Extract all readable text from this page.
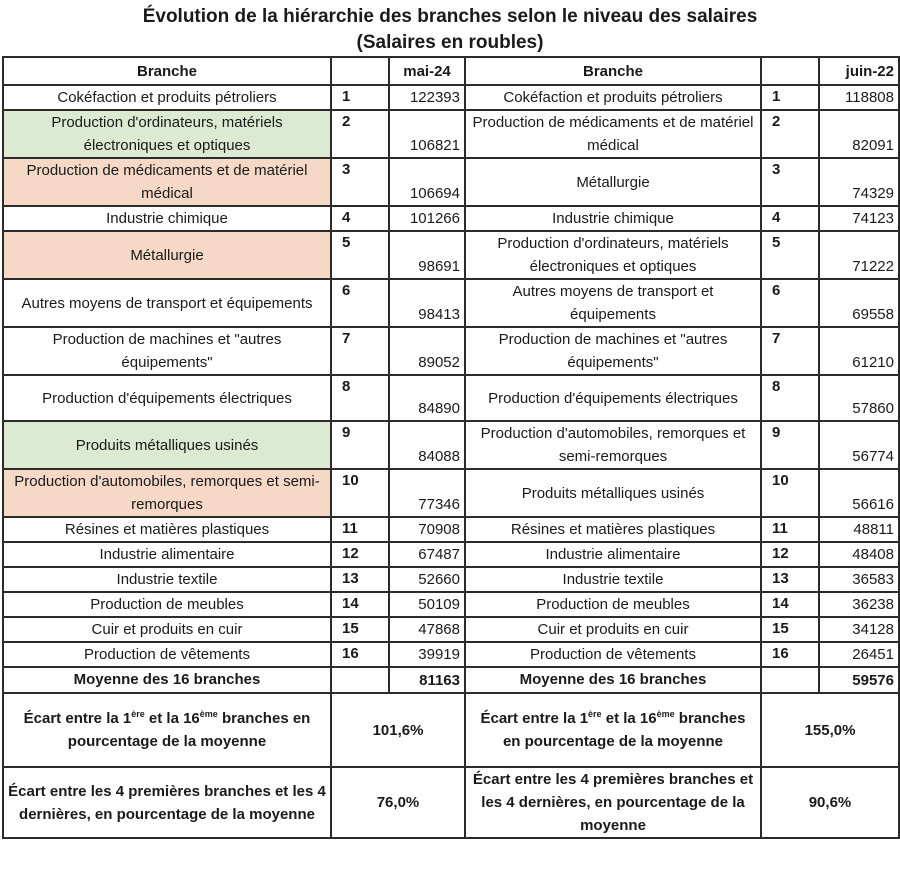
Évolution de la hiérarchie des branches selon le niveau des salaires
(Salaires en roubles)
Branche		mai-24	Branche		juin-22
Cokéfaction et produits pétroliers	1	122393	Cokéfaction et produits pétroliers	1	118808
Production d'ordinateurs, matériels électroniques et optiques	2	106821	Production de médicaments et de matériel médical	2	82091
Production de médicaments et de matériel médical	3	106694	Métallurgie	3	74329
Industrie chimique	4	101266	Industrie chimique	4	74123
Métallurgie	5	98691	Production d'ordinateurs, matériels électroniques et optiques	5	71222
Autres moyens de transport et équipements	6	98413	Autres moyens de transport et équipements	6	69558
Production de machines et "autres équipements"	7	89052	Production de machines et "autres équipements"	7	61210
Production d'équipements électriques	8	84890	Production d'équipements électriques	8	57860
Produits métalliques usinés	9	84088	Production d'automobiles, remorques et semi-remorques	9	56774
Production d'automobiles, remorques et semi-remorques	10	77346	Produits métalliques usinés	10	56616
Résines et matières plastiques	11	70908	Résines et matières plastiques	11	48811
Industrie alimentaire	12	67487	Industrie alimentaire	12	48408
Industrie textile	13	52660	Industrie textile	13	36583
Production de meubles	14	50109	Production de meubles	14	36238
Cuir et produits en cuir	15	47868	Cuir et produits en cuir	15	34128
Production de vêtements	16	39919	Production de vêtements	16	26451
Moyenne des 16 branches		81163	Moyenne des 16 branches		59576
Écart entre la 1ère et la 16ème branches en pourcentage de la moyenne	101,6%		Écart entre la 1ère et la 16ème branches en pourcentage de la moyenne	155,0%	
Écart entre les 4 premières branches et les 4 dernières, en pourcentage de la moyenne	76,0%		Écart entre les 4 premières branches et les 4 dernières, en pourcentage de la moyenne	90,6%	
